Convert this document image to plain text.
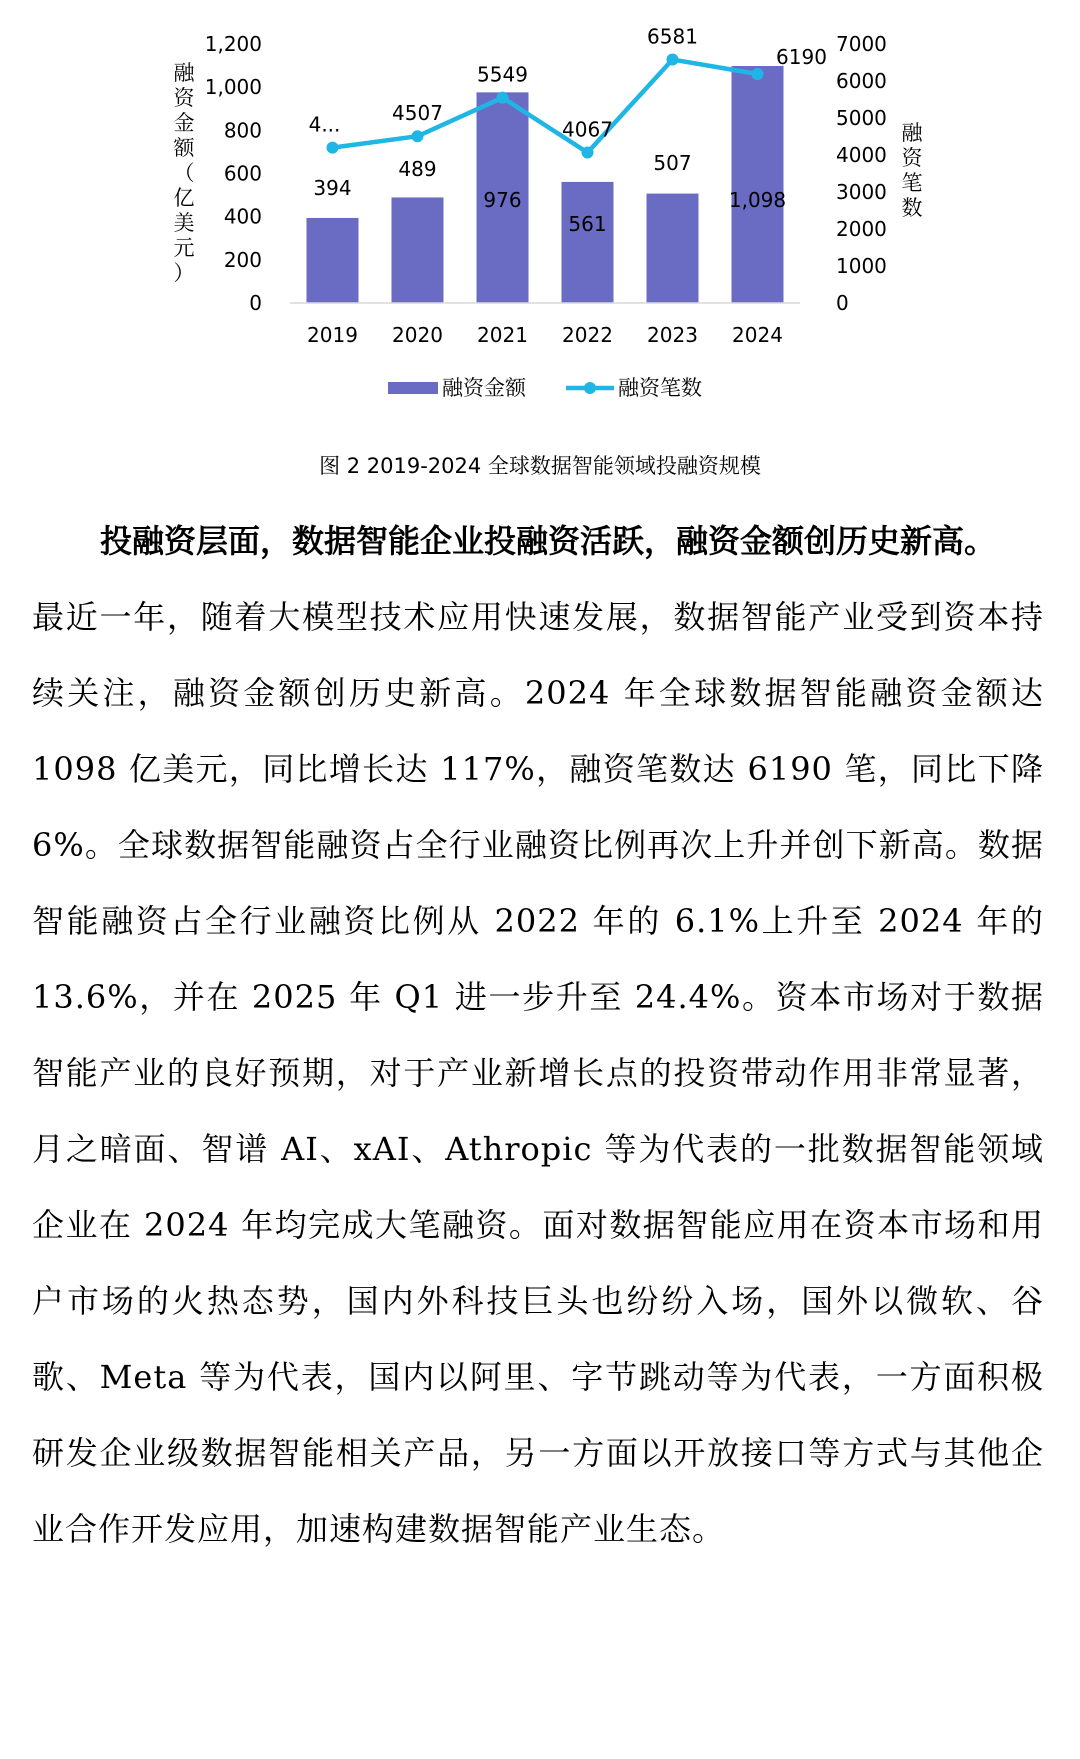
0
200
400
600
800
1,000
1,200
0
1000
2000
3000
4000
5000
6000
7000
融
资
金
额
（
亿
美
元
）
融
资
笔
数
394
489
976
561
507
1,098
4...	4507
5549
4067
6581
6190
2019 2020 2021 2022 2023 2024
融资金额	融资笔数
图 2 2019-2024 全球数据智能领域投融资规模

投融资层面，数据智能企业投融资活跃，融资金额创历史新高。

最近一年，随着大模型技术应用快速发展，数据智能产业受到资本持续关注，融资金额创历史新高。2024 年全球数据智能融资金额达 1098 亿美元，同比增长达 117%，融资笔数达 6190 笔，同比下降 6%。全球数据智能融资占全行业融资比例再次上升并创下新高。数据智能融资占全行业融资比例从 2022 年的 6.1%上升至 2024 年的 13.6%，并在 2025 年 Q1 进一步升至 24.4%。资本市场对于数据智能产业的良好预期，对于产业新增长点的投资带动作用非常显著，月之暗面、智谱 AI、xAI、Athropic 等为代表的一批数据智能领域企业在 2024 年均完成大笔融资。面对数据智能应用在资本市场和用户市场的火热态势，国内外科技巨头也纷纷入场，国外以微软、谷歌、Meta 等为代表，国内以阿里、字节跳动等为代表，一方面积极研发企业级数据智能相关产品，另一方面以开放接口等方式与其他企业合作开发应用，加速构建数据智能产业生态。
